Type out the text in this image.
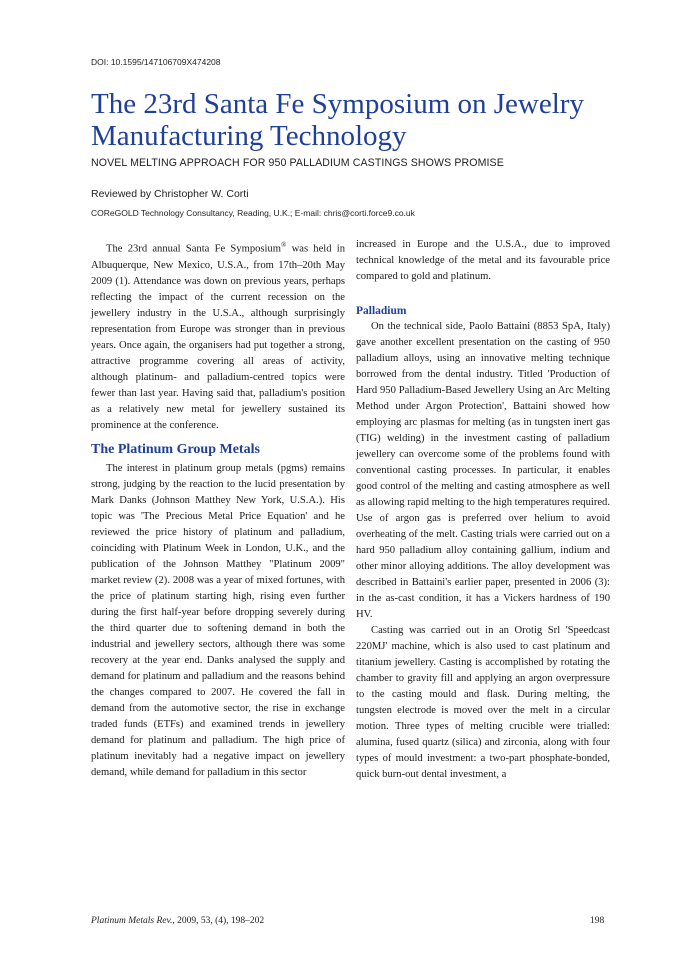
DOI: 10.1595/147106709X474208
The 23rd Santa Fe Symposium on Jewelry Manufacturing Technology
NOVEL MELTING APPROACH FOR 950 PALLADIUM CASTINGS SHOWS PROMISE
Reviewed by Christopher W. Corti
COReGOLD Technology Consultancy, Reading, U.K.; E-mail: chris@corti.force9.co.uk

The 23rd annual Santa Fe Symposium® was held in Albuquerque, New Mexico, U.S.A., from 17th–20th May 2009 (1). Attendance was down on previous years, perhaps reflecting the impact of the current recession on the jewellery industry in the U.S.A., although surprisingly representation from Europe was stronger than in previous years. Once again, the organisers had put together a strong, attractive programme covering all areas of activity, although platinum- and palladium-centred topics were fewer than last year. Having said that, palladium's position as a relatively new metal for jewellery sustained its prominence at the conference.

The Platinum Group Metals

The interest in platinum group metals (pgms) remains strong, judging by the reaction to the lucid presentation by Mark Danks (Johnson Matthey New York, U.S.A.). His topic was 'The Precious Metal Price Equation' and he reviewed the price history of platinum and palladium, coinciding with Platinum Week in London, U.K., and the publication of the Johnson Matthey "Platinum 2009" market review (2). 2008 was a year of mixed fortunes, with the price of platinum starting high, rising even further during the first half-year before dropping severely during the third quarter due to softening demand in both the industrial and jewellery sectors, although there was some recovery at the year end. Danks analysed the supply and demand for platinum and palladium and the reasons behind the changes compared to 2007. He covered the fall in demand from the automotive sector, the rise in exchange traded funds (ETFs) and examined trends in jewellery demand for platinum and palladium. The high price of platinum inevitably had a negative impact on jewellery demand, while demand for palladium in this sector

increased in Europe and the U.S.A., due to improved technical knowledge of the metal and its favourable price compared to gold and platinum.

Palladium

On the technical side, Paolo Battaini (8853 SpA, Italy) gave another excellent presentation on the casting of 950 palladium alloys, using an innovative melting technique borrowed from the dental industry. Titled 'Production of Hard 950 Palladium-Based Jewellery Using an Arc Melting Method under Argon Protection', Battaini showed how employing arc plasmas for melting (as in tungsten inert gas (TIG) welding) in the investment casting of palladium jewellery can overcome some of the problems found with conventional casting processes. In particular, it enables good control of the melting and casting atmosphere as well as allowing rapid melting to the high temperatures required. Use of argon gas is preferred over helium to avoid overheating of the melt. Casting trials were carried out on a hard 950 palladium alloy containing gallium, indium and other minor alloying additions. The alloy development was described in Battaini's earlier paper, presented in 2006 (3): in the as-cast condition, it has a Vickers hardness of 190 HV.

Casting was carried out in an Orotig Srl 'Speedcast 220MJ' machine, which is also used to cast platinum and titanium jewellery. Casting is accomplished by rotating the chamber to gravity fill and applying an argon overpressure to the casting mould and flask. During melting, the tungsten electrode is moved over the melt in a circular motion. Three types of melting crucible were trialled: alumina, fused quartz (silica) and zirconia, along with four types of mould investment: a two-part phosphate-bonded, quick burn-out dental investment, a

Platinum Metals Rev., 2009, 53, (4), 198–202	198
